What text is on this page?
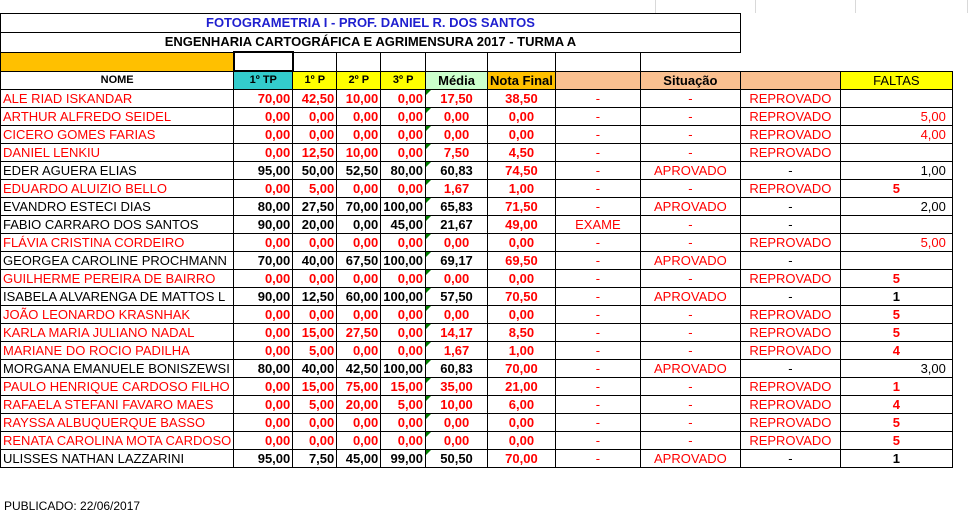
FOTOGRAMETRIA I - PROF. DANIEL R. DOS SANTOS										
ENGENHARIA CARTOGRÁFICA E AGRIMENSURA 2017 - TURMA A										

NOME	1º TP	1º P	2º P	3º P	Média	Nota Final		Situação		FALTAS
ALE RIAD ISKANDAR	70,00	42,50	10,00	0,00	17,50	38,50	-	-	REPROVADO	
ARTHUR ALFREDO SEIDEL	0,00	0,00	0,00	0,00	0,00	0,00	-	-	REPROVADO	5,00
CICERO GOMES FARIAS	0,00	0,00	0,00	0,00	0,00	0,00	-	-	REPROVADO	4,00
DANIEL LENKIU	0,00	12,50	10,00	0,00	7,50	4,50	-	-	REPROVADO	
EDER AGUERA ELIAS	95,00	50,00	52,50	80,00	60,83	74,50	-	APROVADO	-	1,00
EDUARDO ALUIZIO BELLO	0,00	5,00	0,00	0,00	1,67	1,00	-	-	REPROVADO	5
EVANDRO ESTECI DIAS	80,00	27,50	70,00	100,00	65,83	71,50	-	APROVADO	-	2,00
FABIO CARRARO DOS SANTOS	90,00	20,00	0,00	45,00	21,67	49,00	EXAME	-	-	
FLÁVIA CRISTINA CORDEIRO	0,00	0,00	0,00	0,00	0,00	0,00	-	-	REPROVADO	5,00
GEORGEA CAROLINE PROCHMANN	70,00	40,00	67,50	100,00	69,17	69,50	-	APROVADO	-	
GUILHERME PEREIRA DE BAIRRO	0,00	0,00	0,00	0,00	0,00	0,00	-	-	REPROVADO	5
ISABELA ALVARENGA DE MATTOS L	90,00	12,50	60,00	100,00	57,50	70,50	-	APROVADO	-	1
JOÃO LEONARDO KRASNHAK	0,00	0,00	0,00	0,00	0,00	0,00	-	-	REPROVADO	5
KARLA MARIA JULIANO NADAL	0,00	15,00	27,50	0,00	14,17	8,50	-	-	REPROVADO	5
MARIANE DO ROCIO PADILHA	0,00	5,00	0,00	0,00	1,67	1,00	-	-	REPROVADO	4
MORGANA EMANUELE BONISZEWSI	80,00	40,00	42,50	100,00	60,83	70,00	-	APROVADO	-	3,00
PAULO HENRIQUE CARDOSO FILHO	0,00	15,00	75,00	15,00	35,00	21,00	-	-	REPROVADO	1
RAFAELA STEFANI FAVARO MAES	0,00	5,00	20,00	5,00	10,00	6,00	-	-	REPROVADO	4
RAYSSA ALBUQUERQUE BASSO	0,00	0,00	0,00	0,00	0,00	0,00	-	-	REPROVADO	5
RENATA CAROLINA MOTA CARDOSO	0,00	0,00	0,00	0,00	0,00	0,00	-	-	REPROVADO	5
ULISSES NATHAN LAZZARINI	95,00	7,50	45,00	99,00	50,50	70,00	-	APROVADO	-	1
PUBLICADO: 22/06/2017
